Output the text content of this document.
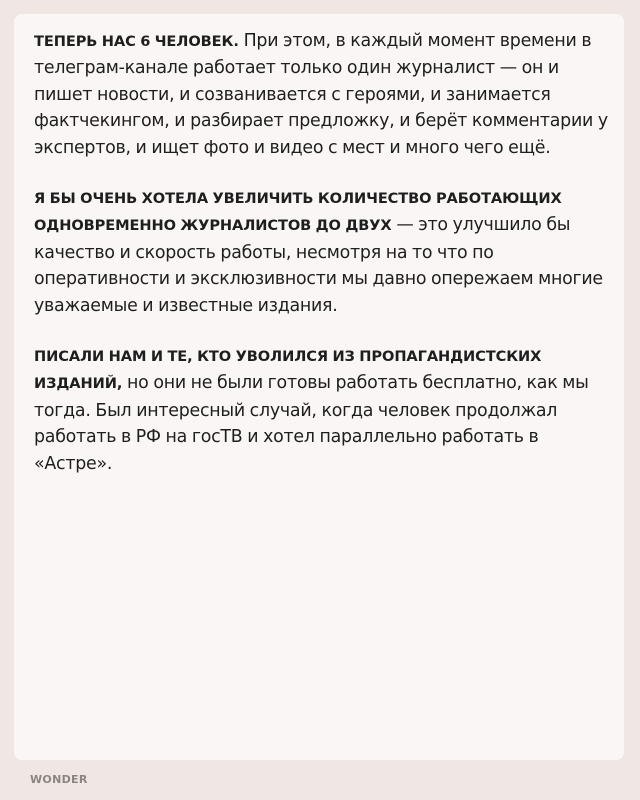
ТЕПЕРЬ НАС 6 ЧЕЛОВЕК. При этом, в каждый момент времени в телеграм-канале работает только один журналист — он и пишет новости, и созванивается с героями, и занимается фактчекингом, и разбирает предложку, и берёт комментарии у экспертов, и ищет фото и видео с мест и много чего ещё.

Я БЫ ОЧЕНЬ ХОТЕЛА УВЕЛИЧИТЬ КОЛИЧЕСТВО РАБОТАЮЩИХ ОДНОВРЕМЕННО ЖУРНАЛИСТОВ ДО ДВУХ — это улучшило бы качество и скорость работы, несмотря на то что по оперативности и эксклюзивности мы давно опережаем многие уважаемые и известные издания.

ПИСАЛИ НАМ И ТЕ, КТО УВОЛИЛСЯ ИЗ ПРОПАГАНДИСТСКИХ ИЗДАНИЙ, но они не были готовы работать бесплатно, как мы тогда. Был интересный случай, когда человек продолжал работать в РФ на госТВ и хотел параллельно работать в «Астре».

WONDER
